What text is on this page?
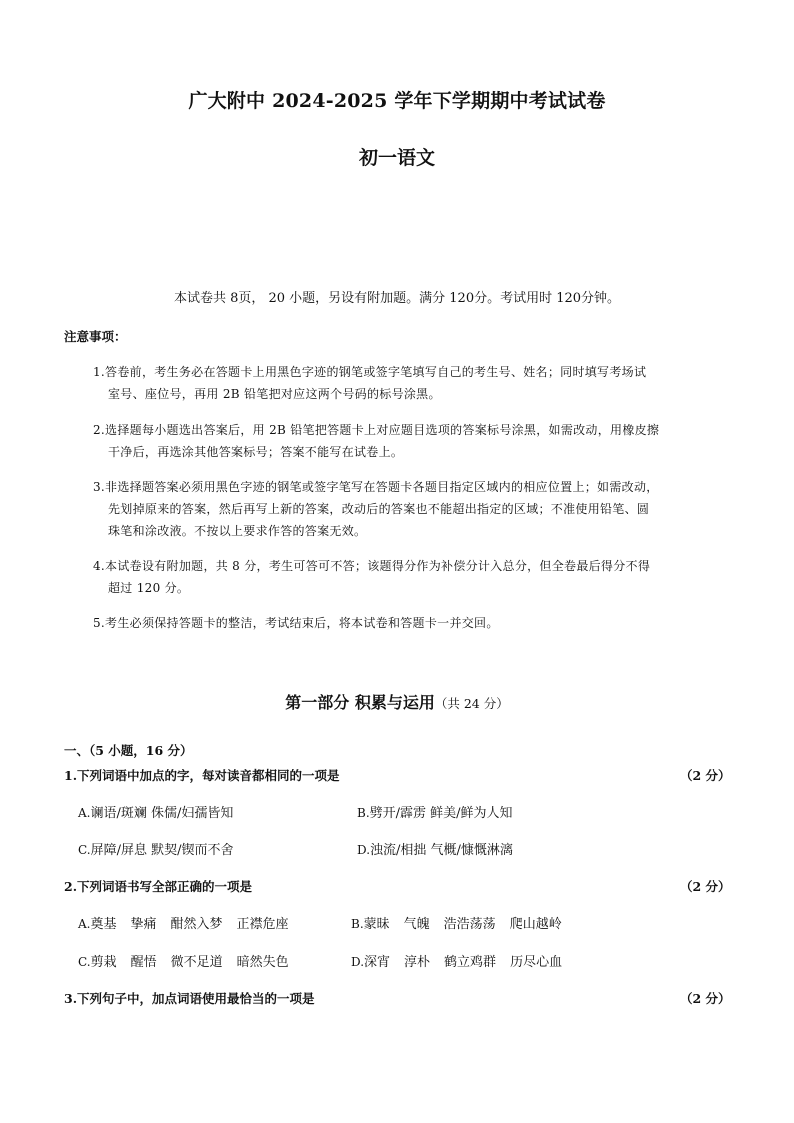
广大附中 2024-2025 学年下学期期中考试试卷
初一语文
本试卷共 8页， 20 小题，另设有附加题。满分 120分。考试用时 120分钟。
注意事项：
1.答卷前，考生务必在答题卡上用黑色字迹的钢笔或签字笔填写自己的考生号、姓名；同时填写考场试
室号、座位号，再用 2B 铅笔把对应这两个号码的标号涂黑。
2.选择题每小题选出答案后，用 2B 铅笔把答题卡上对应题目选项的答案标号涂黑，如需改动，用橡皮擦
干净后，再选涂其他答案标号；答案不能写在试卷上。
3.非选择题答案必须用黑色字迹的钢笔或签字笔写在答题卡各题目指定区域内的相应位置上；如需改动，
先划掉原来的答案，然后再写上新的答案，改动后的答案也不能超出指定的区域；不准使用铅笔、圆
珠笔和涂改液。不按以上要求作答的答案无效。
4.本试卷设有附加题，共 8 分，考生可答可不答；该题得分作为补偿分计入总分，但全卷最后得分不得
超过 120 分。
5.考生必须保持答题卡的整洁，考试结束后，将本试卷和答题卡一并交回。
第一部分 积累与运用（共 24 分）
一、（5 小题，16 分）
1.下列词语中加点的字，每对读音都相同的一项是	（2 分）
A.谰语/斑斓 侏儒/妇孺皆知	B.劈开/霹雳 鲜美/鲜为人知
C.屏障/屏息 默契/锲而不舍	D.浊流/相拙 气概/慷慨淋漓
2.下列词语书写全部正确的一项是	（2 分）
A.奠基 挚痛 酣然入梦 正襟危座	B.蒙昧 气魄 浩浩荡荡 爬山越岭
C.剪栽 醒悟 微不足道 暗然失色	D.深宵 淳朴 鹤立鸡群 历尽心血
3.下列句子中，加点词语使用最恰当的一项是	（2 分）
